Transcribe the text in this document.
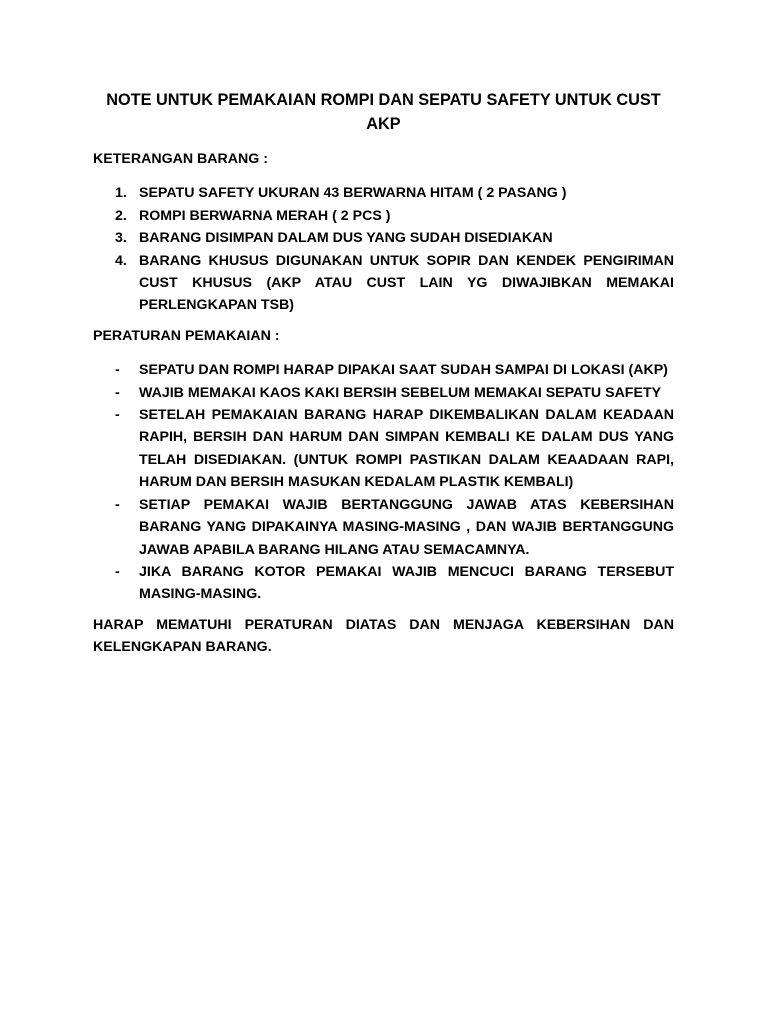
NOTE UNTUK PEMAKAIAN ROMPI DAN SEPATU SAFETY UNTUK CUST AKP
KETERANGAN BARANG :
1. SEPATU SAFETY UKURAN 43 BERWARNA HITAM ( 2 PASANG )
2. ROMPI BERWARNA MERAH ( 2 PCS )
3. BARANG DISIMPAN DALAM DUS YANG SUDAH DISEDIAKAN
4. BARANG KHUSUS DIGUNAKAN UNTUK SOPIR DAN KENDEK PENGIRIMAN CUST KHUSUS (AKP ATAU CUST LAIN YG DIWAJIBKAN MEMAKAI PERLENGKAPAN TSB)
PERATURAN PEMAKAIAN :
- SEPATU DAN ROMPI HARAP DIPAKAI SAAT SUDAH SAMPAI DI LOKASI (AKP)
- WAJIB MEMAKAI KAOS KAKI BERSIH SEBELUM MEMAKAI SEPATU SAFETY
- SETELAH PEMAKAIAN BARANG HARAP DIKEMBALIKAN DALAM KEADAAN RAPIH, BERSIH DAN HARUM DAN SIMPAN KEMBALI KE DALAM DUS YANG TELAH DISEDIAKAN. (UNTUK ROMPI PASTIKAN DALAM KEAADAAN RAPI, HARUM DAN BERSIH MASUKAN KEDALAM PLASTIK KEMBALI)
- SETIAP PEMAKAI WAJIB BERTANGGUNG JAWAB ATAS KEBERSIHAN BARANG YANG DIPAKAINYA MASING-MASING , DAN WAJIB BERTANGGUNG JAWAB APABILA BARANG HILANG ATAU SEMACAMNYA.
- JIKA BARANG KOTOR PEMAKAI WAJIB MENCUCI BARANG TERSEBUT MASING-MASING.

HARAP MEMATUHI PERATURAN DIATAS DAN MENJAGA KEBERSIHAN DAN KELENGKAPAN BARANG.
